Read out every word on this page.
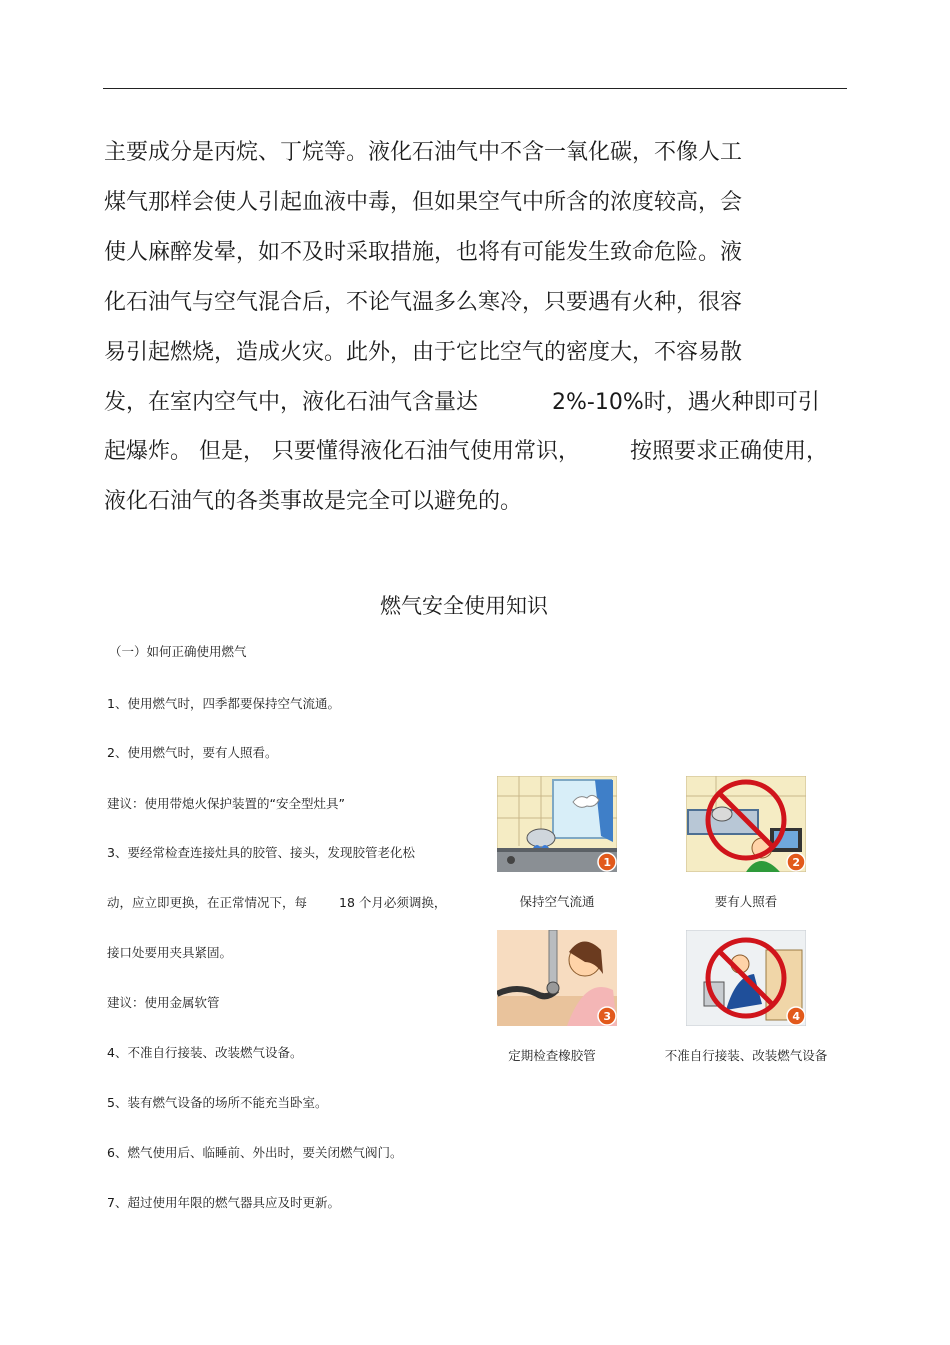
主要成分是丙烷、丁烷等。液化石油气中不含一氧化碳，不像人工
煤气那样会使人引起血液中毒，但如果空气中所含的浓度较高，会
使人麻醉发晕，如不及时采取措施，也将有可能发生致命危险。液
化石油气与空气混合后，不论气温多么寒冷，只要遇有火种，很容
易引起燃烧，造成火灾。此外，由于它比空气的密度大，不容易散
发，在室内空气中，液化石油气含量达	2%-10%时，遇火种即可引
起爆炸。 但是， 只要懂得液化石油气使用常识， 按照要求正确使用，
液化石油气的各类事故是完全可以避免的。
燃气安全使用知识
（一）如何正确使用燃气
1、使用燃气时，四季都要保持空气流通。
2、使用燃气时，要有人照看。
建议：使用带熄火保护装置的“安全型灶具”
3、要经常检查连接灶具的胶管、接头，发现胶管老化松
动，应立即更换，在正常情况下，每	18 个月必须调换，
接口处要用夹具紧固。
建议：使用金属软管
4、不准自行接装、改装燃气设备。
5、装有燃气设备的场所不能充当卧室。
6、燃气使用后、临睡前、外出时，要关闭燃气阀门。
7、超过使用年限的燃气器具应及时更新。
1
保持空气流通
2
要有人照看
3
定期检查橡胶管
4
不准自行接装、改装燃气设备
